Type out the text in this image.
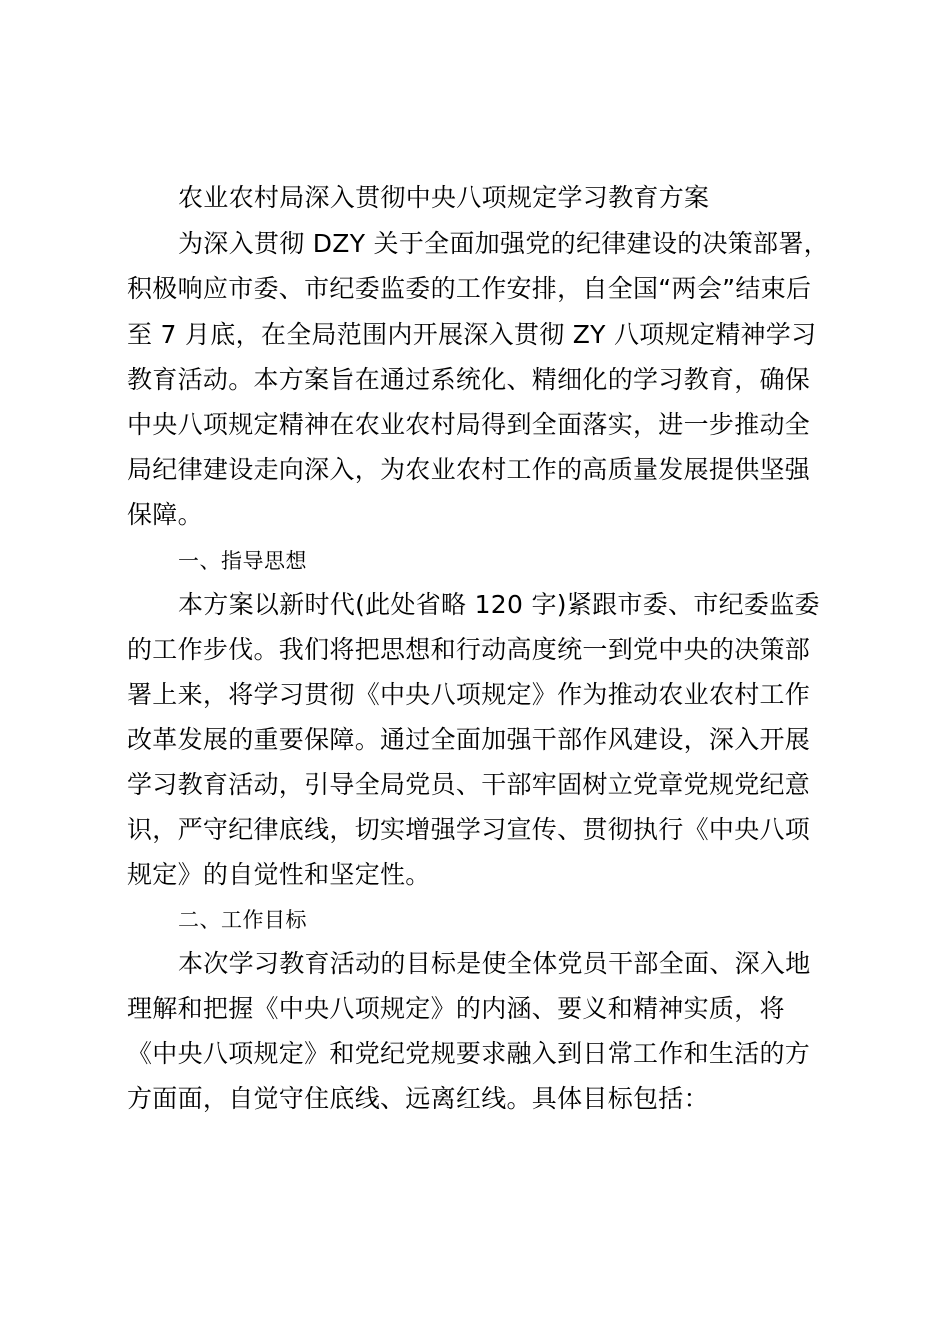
农业农村局深入贯彻中央八项规定学习教育方案
为深入贯彻 DZY 关于全面加强党的纪律建设的决策部署，
积极响应市委、市纪委监委的工作安排，自全国“两会”结束后
至 7 月底，在全局范围内开展深入贯彻 ZY 八项规定精神学习
教育活动。本方案旨在通过系统化、精细化的学习教育，确保
中央八项规定精神在农业农村局得到全面落实，进一步推动全
局纪律建设走向深入，为农业农村工作的高质量发展提供坚强
保障。
一、指导思想
本方案以新时代(此处省略 120 字)紧跟市委、市纪委监委
的工作步伐。我们将把思想和行动高度统一到党中央的决策部
署上来，将学习贯彻《中央八项规定》作为推动农业农村工作
改革发展的重要保障。通过全面加强干部作风建设，深入开展
学习教育活动，引导全局党员、干部牢固树立党章党规党纪意
识，严守纪律底线，切实增强学习宣传、贯彻执行《中央八项
规定》的自觉性和坚定性。
二、工作目标
本次学习教育活动的目标是使全体党员干部全面、深入地
理解和把握《中央八项规定》的内涵、要义和精神实质，将
《中央八项规定》和党纪党规要求融入到日常工作和生活的方
方面面，自觉守住底线、远离红线。具体目标包括：
